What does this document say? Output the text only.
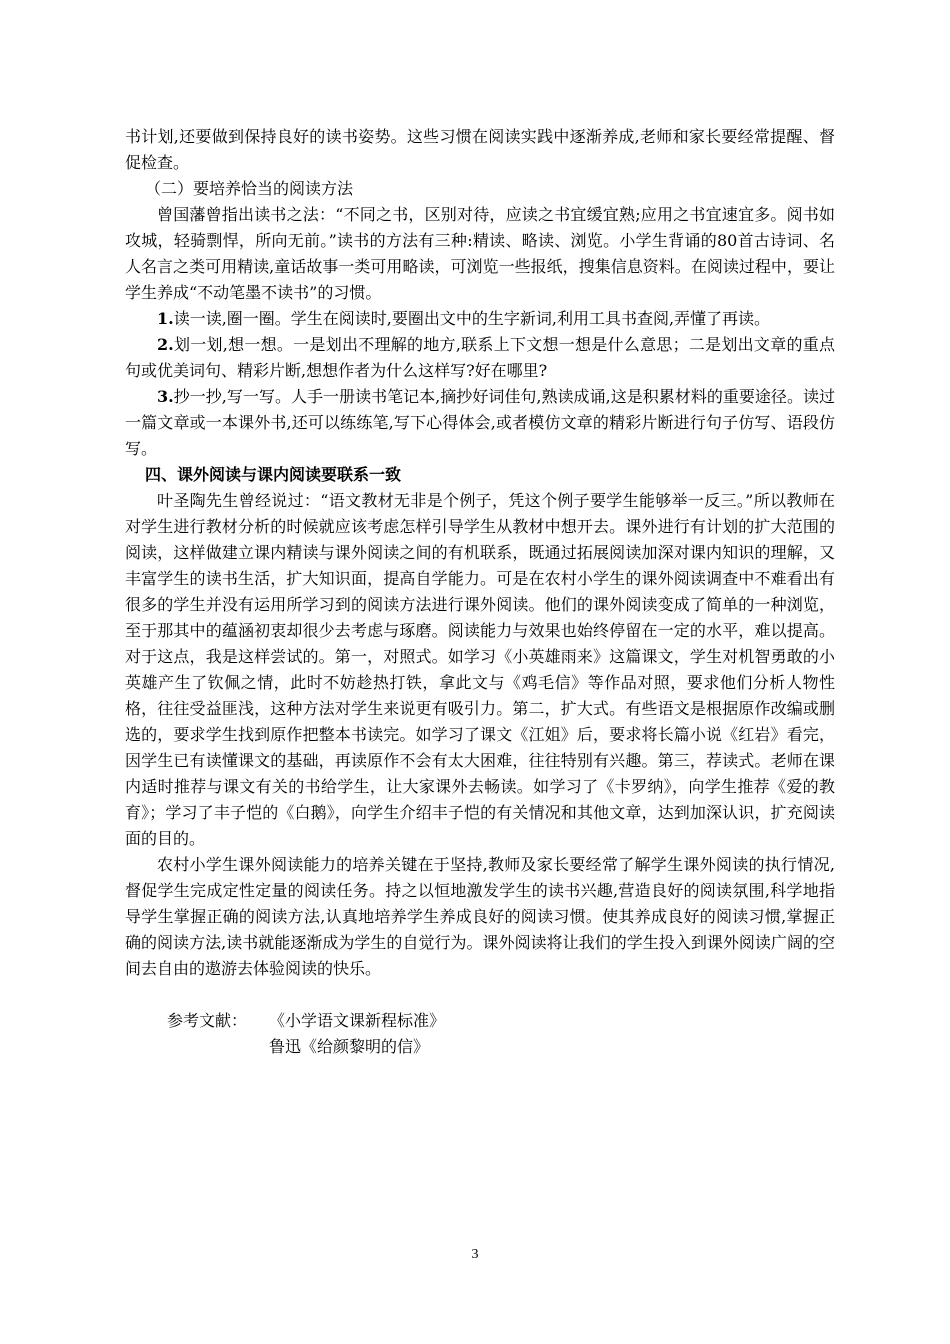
书计划,还要做到保持良好的读书姿势。这些习惯在阅读实践中逐渐养成,老师和家长要经常提醒、督促检查。

（二）要培养恰当的阅读方法

曾国藩曾指出读书之法：“不同之书，区别对待，应读之书宜缓宜熟;应用之书宜速宜多。阅书如攻城，轻骑剽悍，所向无前。”读书的方法有三种:精读、略读、浏览。小学生背诵的80首古诗词、名人名言之类可用精读,童话故事一类可用略读，可浏览一些报纸，搜集信息资料。在阅读过程中，要让学生养成“不动笔墨不读书”的习惯。

1.读一读,圈一圈。学生在阅读时,要圈出文中的生字新词,利用工具书查阅,弄懂了再读。

2.划一划,想一想。一是划出不理解的地方,联系上下文想一想是什么意思；二是划出文章的重点句或优美词句、精彩片断,想想作者为什么这样写?好在哪里?

3.抄一抄,写一写。人手一册读书笔记本,摘抄好词佳句,熟读成诵,这是积累材料的重要途径。读过一篇文章或一本课外书,还可以练练笔,写下心得体会,或者模仿文章的精彩片断进行句子仿写、语段仿写。

四、课外阅读与课内阅读要联系一致

叶圣陶先生曾经说过：“语文教材无非是个例子，凭这个例子要学生能够举一反三。”所以教师在对学生进行教材分析的时候就应该考虑怎样引导学生从教材中想开去。课外进行有计划的扩大范围的阅读，这样做建立课内精读与课外阅读之间的有机联系，既通过拓展阅读加深对课内知识的理解，又丰富学生的读书生活，扩大知识面，提高自学能力。可是在农村小学生的课外阅读调查中不难看出有很多的学生并没有运用所学习到的阅读方法进行课外阅读。他们的课外阅读变成了简单的一种浏览，至于那其中的蕴涵初衷却很少去考虑与琢磨。阅读能力与效果也始终停留在一定的水平，难以提高。对于这点，我是这样尝试的。第一，对照式。如学习《小英雄雨来》这篇课文，学生对机智勇敢的小英雄产生了钦佩之情，此时不妨趁热打铁，拿此文与《鸡毛信》等作品对照，要求他们分析人物性格，往往受益匪浅，这种方法对学生来说更有吸引力。第二，扩大式。有些语文是根据原作改编或删选的，要求学生找到原作把整本书读完。如学习了课文《江姐》后，要求将长篇小说《红岩》看完，因学生已有读懂课文的基础，再读原作不会有太大困难，往往特别有兴趣。第三，荐读式。老师在课内适时推荐与课文有关的书给学生，让大家课外去畅读。如学习了《卡罗纳》，向学生推荐《爱的教育》；学习了丰子恺的《白鹅》，向学生介绍丰子恺的有关情况和其他文章，达到加深认识，扩充阅读面的目的。

农村小学生课外阅读能力的培养关键在于坚持,教师及家长要经常了解学生课外阅读的执行情况,督促学生完成定性定量的阅读任务。持之以恒地激发学生的读书兴趣,营造良好的阅读氛围,科学地指导学生掌握正确的阅读方法,认真地培养学生养成良好的阅读习惯。使其养成良好的阅读习惯,掌握正确的阅读方法,读书就能逐渐成为学生的自觉行为。课外阅读将让我们的学生投入到课外阅读广阔的空间去自由的遨游去体验阅读的快乐。

参考文献：	《小学语文课新程标准》
鲁迅《给颜黎明的信》
3
